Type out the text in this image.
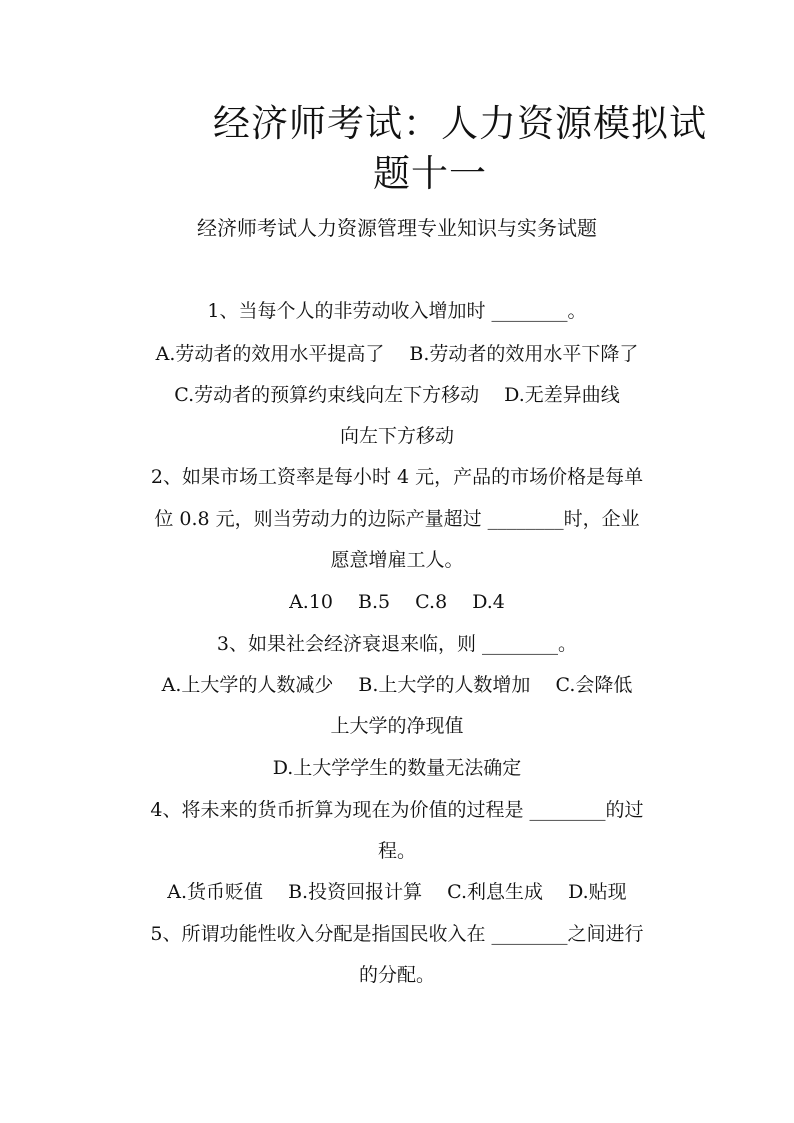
经济师考试：人力资源模拟试
题十一
经济师考试人力资源管理专业知识与实务试题
1、当每个人的非劳动收入增加时 ________。
A.劳动者的效用水平提高了　 B.劳动者的效用水平下降了
C.劳动者的预算约束线向左下方移动　 D.无差异曲线
向左下方移动
2、如果市场工资率是每小时 4 元，产品的市场价格是每单
位 0.8 元，则当劳动力的边际产量超过 ________时，企业
愿意增雇工人。
A.10　 B.5　 C.8　 D.4
3、如果社会经济衰退来临，则 ________。
A.上大学的人数减少　 B.上大学的人数增加　 C.会降低
上大学的净现值
D.上大学学生的数量无法确定
4、将未来的货币折算为现在为价值的过程是 ________的过
程。
A.货币贬值　 B.投资回报计算　 C.利息生成　 D.贴现
5、所谓功能性收入分配是指国民收入在 ________之间进行
的分配。
